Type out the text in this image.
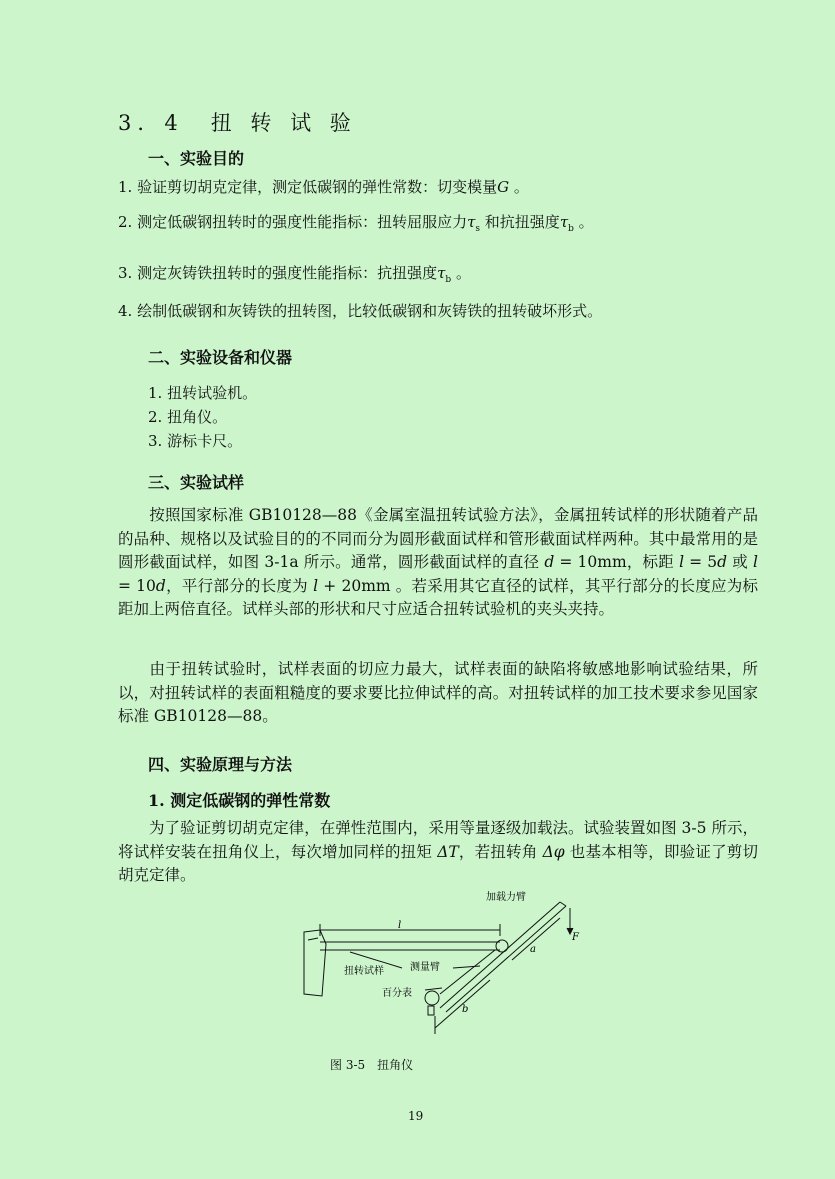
3．4　扭 转 试 验
一、实验目的
1. 验证剪切胡克定律，测定低碳钢的弹性常数：切变模量G 。
2. 测定低碳钢扭转时的强度性能指标：扭转屈服应力$\tau_s$ 和抗扭强度$\tau_b$ 。
3. 测定灰铸铁扭转时的强度性能指标：抗扭强度$\tau_b$ 。
4. 绘制低碳钢和灰铸铁的扭转图，比较低碳钢和灰铸铁的扭转破坏形式。
二、实验设备和仪器
1. 扭转试验机。
2. 扭角仪。
3. 游标卡尺。
三、实验试样
按照国家标准 GB10128—88《金属室温扭转试验方法》，金属扭转试样的形状随着产品的品种、规格以及试验目的的不同而分为圆形截面试样和管形截面试样两种。其中最常用的是圆形截面试样，如图 3-1a 所示。通常，圆形截面试样的直径 d = 10mm，标距 l = 5d 或 l = 10d，平行部分的长度为 l + 20mm 。若采用其它直径的试样，其平行部分的长度应为标距加上两倍直径。试样头部的形状和尺寸应适合扭转试验机的夹头夹持。
由于扭转试验时，试样表面的切应力最大，试样表面的缺陷将敏感地影响试验结果，所以，对扭转试样的表面粗糙度的要求要比拉伸试样的高。对扭转试样的加工技术要求参见国家标准 GB10128—88。
四、实验原理与方法
1. 测定低碳钢的弹性常数
为了验证剪切胡克定律，在弹性范围内，采用等量逐级加载法。试验装置如图 3-5 所示，将试样安装在扭角仪上，每次增加同样的扭矩 ΔT，若扭转角 Δφ 也基本相等，即验证了剪切胡克定律。
加载力臂
l
F
a
扭转试样	测量臂
百分表
b
图 3-5　扭角仪
19
